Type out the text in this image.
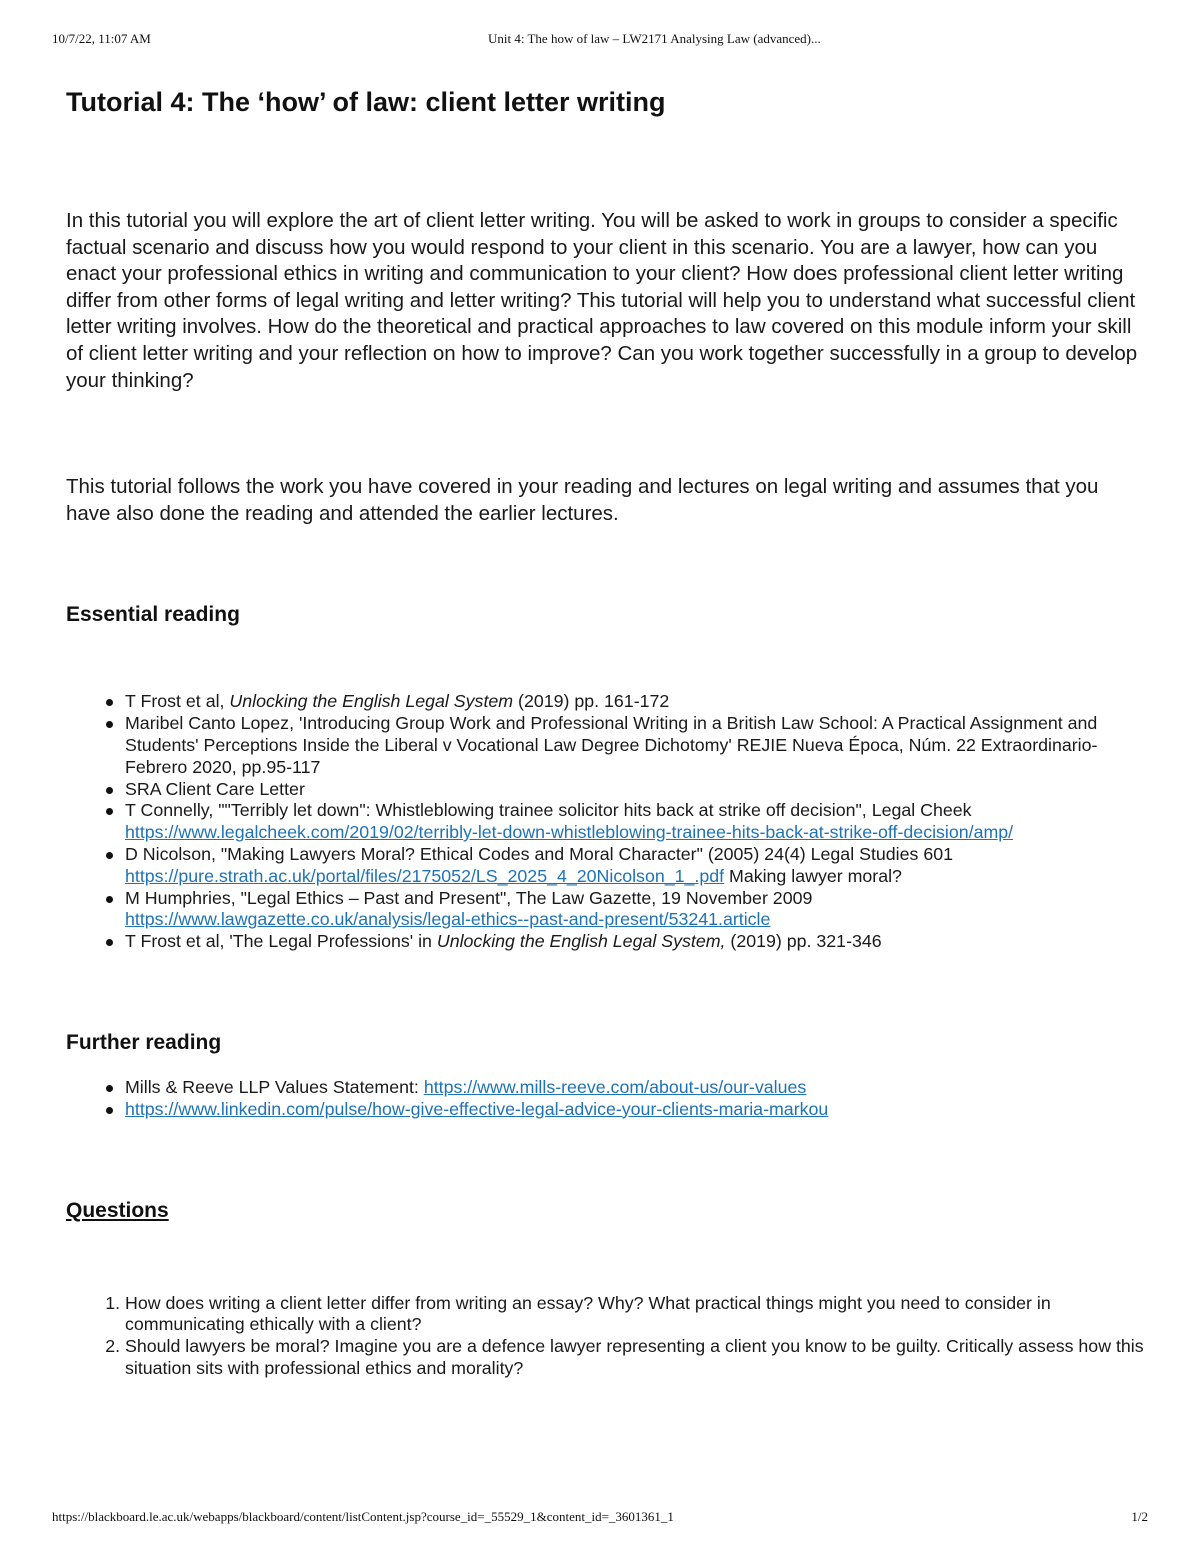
10/7/22, 11:07 AM	Unit 4: The how of law – LW2171 Analysing Law (advanced)...
Tutorial 4: The ‘how’ of law: client letter writing

In this tutorial you will explore the art of client letter writing. You will be asked to work in groups to consider a specific factual scenario and discuss how you would respond to your client in this scenario. You are a lawyer, how can you enact your professional ethics in writing and communication to your client? How does professional client letter writing differ from other forms of legal writing and letter writing? This tutorial will help you to understand what successful client letter writing involves. How do the theoretical and practical approaches to law covered on this module inform your skill of client letter writing and your reflection on how to improve? Can you work together successfully in a group to develop your thinking?

This tutorial follows the work you have covered in your reading and lectures on legal writing and assumes that you have also done the reading and attended the earlier lectures.

Essential reading
T Frost et al, Unlocking the English Legal System (2019) pp. 161-172
Maribel Canto Lopez, 'Introducing Group Work and Professional Writing in a British Law School: A Practical Assignment and Students' Perceptions Inside the Liberal v Vocational Law Degree Dichotomy' REJIE Nueva Época, Núm. 22 Extraordinario-Febrero 2020, pp.95-117
SRA Client Care Letter
T Connelly, ""Terribly let down": Whistleblowing trainee solicitor hits back at strike off decision", Legal Cheek https://www.legalcheek.com/2019/02/terribly-let-down-whistleblowing-trainee-hits-back-at-strike-off-decision/amp/
D Nicolson, "Making Lawyers Moral? Ethical Codes and Moral Character" (2005) 24(4) Legal Studies 601 https://pure.strath.ac.uk/portal/files/2175052/LS_2025_4_20Nicolson_1_.pdf Making lawyer moral?
M Humphries, "Legal Ethics – Past and Present", The Law Gazette, 19 November 2009 https://www.lawgazette.co.uk/analysis/legal-ethics--past-and-present/53241.article
T Frost et al, 'The Legal Professions' in Unlocking the English Legal System, (2019) pp. 321-346
Further reading
Mills & Reeve LLP Values Statement: https://www.mills-reeve.com/about-us/our-values
https://www.linkedin.com/pulse/how-give-effective-legal-advice-your-clients-maria-markou
Questions
1. How does writing a client letter differ from writing an essay? Why? What practical things might you need to consider in communicating ethically with a client?
2. Should lawyers be moral? Imagine you are a defence lawyer representing a client you know to be guilty. Critically assess how this situation sits with professional ethics and morality?
https://blackboard.le.ac.uk/webapps/blackboard/content/listContent.jsp?course_id=_55529_1&content_id=_3601361_1	1/2
